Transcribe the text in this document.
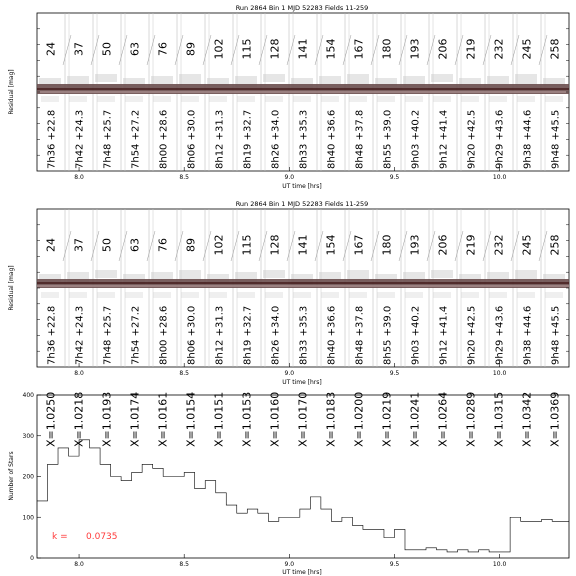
Run 2864 Bin 1 MJD 52283 Fields 11-259
24 37 50 63 76 89 102 115 128 141 154 167 180 193 206 219 232 245 258
7h36 +22.8 7h42 +24.3 7h48 +25.7 7h54 +27.2 8h00 +28.6 8h06 +30.0 8h12 +31.3 8h19 +32.7 8h26 +34.0 8h33 +35.3 8h40 +36.6 8h48 +37.8 8h55 +39.0 9h03 +40.2 9h12 +41.4 9h20 +42.5 9h29 +43.6 9h38 +44.6 9h48 +45.5
8.0	8.5	9.0	9.5	10.0
UT time [hrs]
Residual [mag]
Run 2864 Bin 1 MJD 52283 Fields 11-259
24 37 50 63 76 89 102 115 128 141 154 167 180 193 206 219 232 245 258
7h36 +22.8 7h42 +24.3 7h48 +25.7 7h54 +27.2 8h00 +28.6 8h06 +30.0 8h12 +31.3 8h19 +32.7 8h26 +34.0 8h33 +35.3 8h40 +36.6 8h48 +37.8 8h55 +39.0 9h03 +40.2 9h12 +41.4 9h20 +42.5 9h29 +43.6 9h38 +44.6 9h48 +45.5
8.0	8.5	9.0	9.5	10.0
UT time [hrs]
Residual [mag]
X=1.0250 X=1.0218 X=1.0193 X=1.0174 X=1.0161 X=1.0154 X=1.0151 X=1.0153 X=1.0160 X=1.0170 X=1.0183 X=1.0200 X=1.0219 X=1.0241 X=1.0264 X=1.0289 X=1.0315 X=1.0342 X=1.0369
8.0	8.5	9.0	9.5	10.0
0
100
200
300
400
UT time [hrs]
Number of Stars
k = 0.0735
